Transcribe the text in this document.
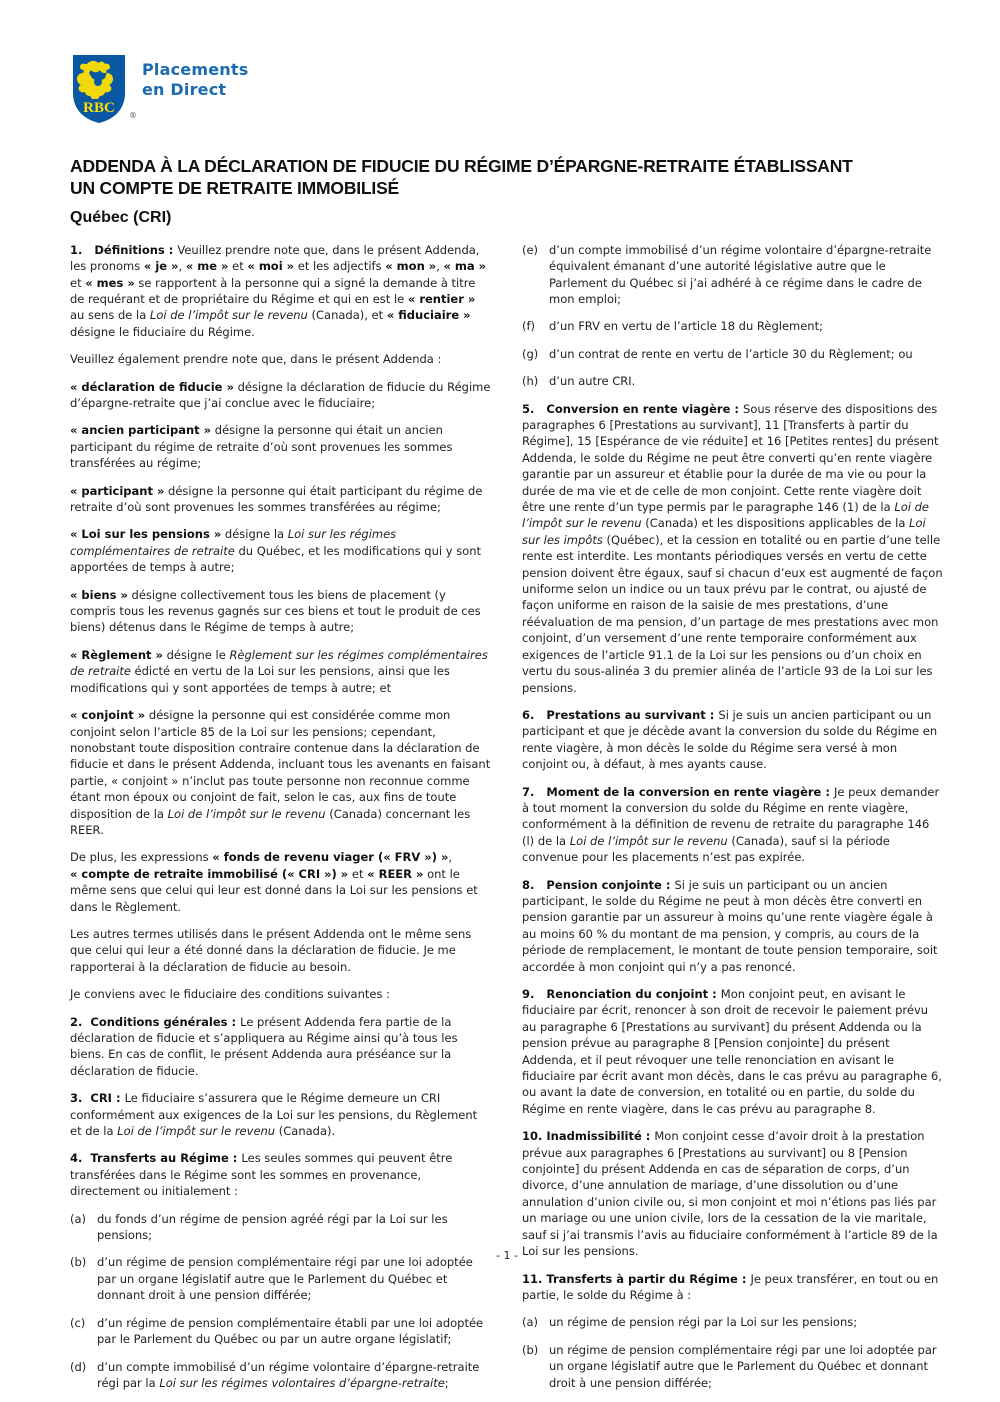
RBC ®
Placements
en Direct
ADDENDA À LA DÉCLARATION DE FIDUCIE DU RÉGIME D’ÉPARGNE-RETRAITE ÉTABLISSANT
UN COMPTE DE RETRAITE IMMOBILISÉ
Québec (CRI)
1.   Définitions : Veuillez prendre note que, dans le présent Addenda, les pronoms « je », « me » et « moi » et les adjectifs « mon », « ma » et « mes » se rapportent à la personne qui a signé la demande à titre de requérant et de propriétaire du Régime et qui en est le « rentier » au sens de la Loi de l’impôt sur le revenu (Canada), et « fiduciaire » désigne le fiduciaire du Régime.
Veuillez également prendre note que, dans le présent Addenda :
« déclaration de fiducie » désigne la déclaration de fiducie du Régime d’épargne-retraite que j’ai conclue avec le fiduciaire;
« ancien participant » désigne la personne qui était un ancien participant du régime de retraite d’où sont provenues les sommes transférées au régime;
« participant » désigne la personne qui était participant du régime de retraite d’où sont provenues les sommes transférées au régime;
« Loi sur les pensions » désigne la Loi sur les régimes complémentaires de retraite du Québec, et les modifications qui y sont apportées de temps à autre;
« biens » désigne collectivement tous les biens de placement (y compris tous les revenus gagnés sur ces biens et tout le produit de ces biens) détenus dans le Régime de temps à autre;
« Règlement » désigne le Règlement sur les régimes complémentaires de retraite édicté en vertu de la Loi sur les pensions, ainsi que les modifications qui y sont apportées de temps à autre; et
« conjoint » désigne la personne qui est considérée comme mon conjoint selon l’article 85 de la Loi sur les pensions; cependant, nonobstant toute disposition contraire contenue dans la déclaration de fiducie et dans le présent Addenda, incluant tous les avenants en faisant partie, « conjoint » n’inclut pas toute personne non reconnue comme étant mon époux ou conjoint de fait, selon le cas, aux fins de toute disposition de la Loi de l’impôt sur le revenu (Canada) concernant les REER.
De plus, les expressions « fonds de revenu viager (« FRV ») », « compte de retraite immobilisé (« CRI ») » et « REER » ont le même sens que celui qui leur est donné dans la Loi sur les pensions et dans le Règlement.
Les autres termes utilisés dans le présent Addenda ont le même sens que celui qui leur a été donné dans la déclaration de fiducie. Je me rapporterai à la déclaration de fiducie au besoin.
Je conviens avec le fiduciaire des conditions suivantes :
2.  Conditions générales : Le présent Addenda fera partie de la déclaration de fiducie et s’appliquera au Régime ainsi qu’à tous les biens. En cas de conflit, le présent Addenda aura préséance sur la déclaration de fiducie.
3.  CRI : Le fiduciaire s’assurera que le Régime demeure un CRI conformément aux exigences de la Loi sur les pensions, du Règlement et de la Loi de l’impôt sur le revenu (Canada).
4.  Transferts au Régime : Les seules sommes qui peuvent être transférées dans le Régime sont les sommes en provenance, directement ou initialement :
(a) du fonds d’un régime de pension agréé régi par la Loi sur les pensions;
(b) d’un régime de pension complémentaire régi par une loi adoptée par un organe législatif autre que le Parlement du Québec et donnant droit à une pension différée;
(c)	d’un régime de pension complémentaire établi par une loi adoptée par le Parlement du Québec ou par un autre organe législatif;
(d) d’un compte immobilisé d’un régime volontaire d’épargne-retraite régi par la Loi sur les régimes volontaires d’épargne-retraite;
(e) d’un compte immobilisé d’un régime volontaire d’épargne-retraite équivalent émanant d’une autorité législative autre que le Parlement du Québec si j’ai adhéré à ce régime dans le cadre de mon emploi;
(f)	d’un FRV en vertu de l’article 18 du Règlement;
(g) d’un contrat de rente en vertu de l’article 30 du Règlement; ou
(h) d’un autre CRI.
5.   Conversion en rente viagère : Sous réserve des dispositions des paragraphes 6 [Prestations au survivant], 11 [Transferts à partir du Régime], 15 [Espérance de vie réduite] et 16 [Petites rentes] du présent Addenda, le solde du Régime ne peut être converti qu’en rente viagère garantie par un assureur et établie pour la durée de ma vie ou pour la durée de ma vie et de celle de mon conjoint. Cette rente viagère doit être une rente d’un type permis par le paragraphe 146 (1) de la Loi de l’impôt sur le revenu (Canada) et les dispositions applicables de la Loi sur les impôts (Québec), et la cession en totalité ou en partie d’une telle rente est interdite. Les montants périodiques versés en vertu de cette pension doivent être égaux, sauf si chacun d’eux est augmenté de façon uniforme selon un indice ou un taux prévu par le contrat, ou ajusté de façon uniforme en raison de la saisie de mes prestations, d’une réévaluation de ma pension, d’un partage de mes prestations avec mon conjoint, d’un versement d’une rente temporaire conformément aux exigences de l’article 91.1 de la Loi sur les pensions ou d’un choix en vertu du sous-alinéa 3 du premier alinéa de l’article 93 de la Loi sur les pensions.
6.   Prestations au survivant : Si je suis un ancien participant ou un participant et que je décède avant la conversion du solde du Régime en rente viagère, à mon décès le solde du Régime sera versé à mon conjoint ou, à défaut, à mes ayants cause.
7.   Moment de la conversion en rente viagère : Je peux demander à tout moment la conversion du solde du Régime en rente viagère, conformément à la définition de revenu de retraite du paragraphe 146 (l) de la Loi de l’impôt sur le revenu (Canada), sauf si la période convenue pour les placements n’est pas expirée.
8.   Pension conjointe : Si je suis un participant ou un ancien participant, le solde du Régime ne peut à mon décès être converti en pension garantie par un assureur à moins qu’une rente viagère égale à au moins 60 % du montant de ma pension, y compris, au cours de la période de remplacement, le montant de toute pension temporaire, soit accordée à mon conjoint qui n’y a pas renoncé.
9.   Renonciation du conjoint : Mon conjoint peut, en avisant le fiduciaire par écrit, renoncer à son droit de recevoir le paiement prévu au paragraphe 6 [Prestations au survivant] du présent Addenda ou la pension prévue au paragraphe 8 [Pension conjointe] du présent Addenda, et il peut révoquer une telle renonciation en avisant le fiduciaire par écrit avant mon décès, dans le cas prévu au paragraphe 6, ou avant la date de conversion, en totalité ou en partie, du solde du Régime en rente viagère, dans le cas prévu au paragraphe 8.
10. Inadmissibilité : Mon conjoint cesse d’avoir droit à la prestation prévue aux paragraphes 6 [Prestations au survivant] ou 8 [Pension conjointe] du présent Addenda en cas de séparation de corps, d’un divorce, d’une annulation de mariage, d’une dissolution ou d’une annulation d’union civile ou, si mon conjoint et moi n’étions pas liés par un mariage ou une union civile, lors de la cessation de la vie maritale, sauf si j’ai transmis l’avis au fiduciaire conformément à l’article 89 de la Loi sur les pensions.
11. Transferts à partir du Régime : Je peux transférer, en tout ou en partie, le solde du Régime à :
(a) un régime de pension régi par la Loi sur les pensions;
(b) un régime de pension complémentaire régi par une loi adoptée par un organe législatif autre que le Parlement du Québec et donnant droit à une pension différée;
- 1 -
